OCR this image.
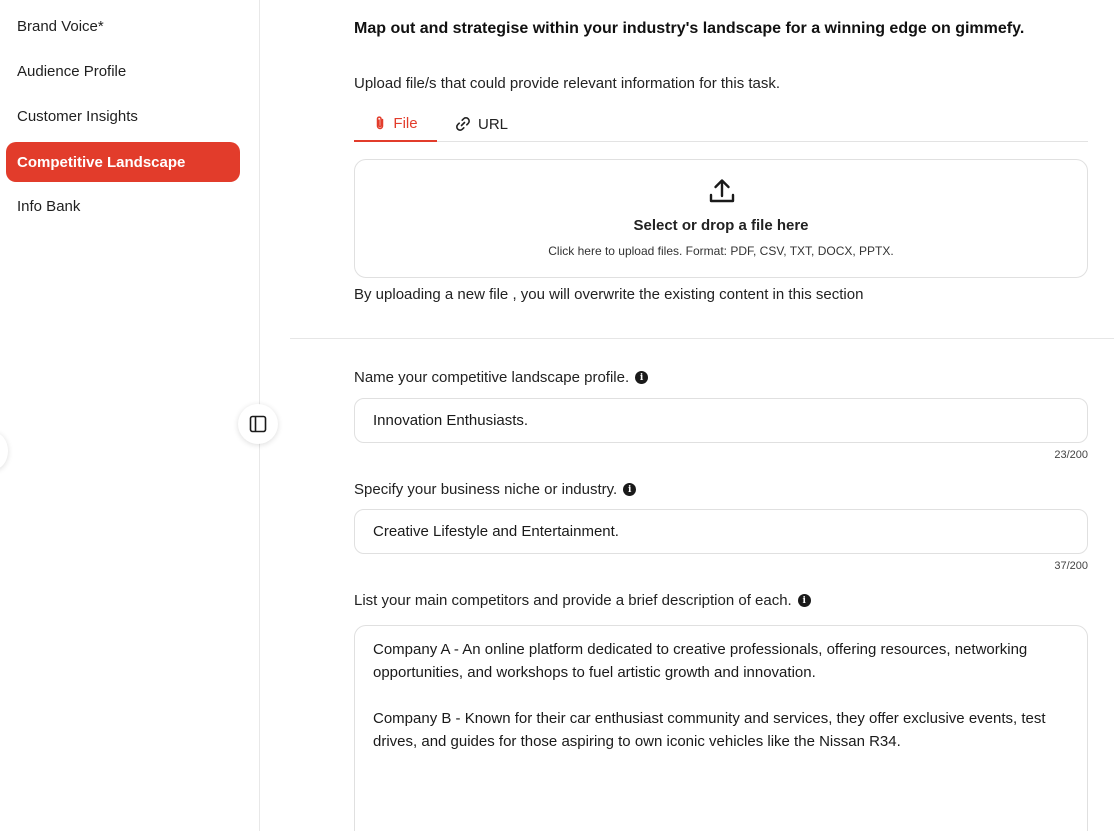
Brand Voice*
Audience Profile
Customer Insights
Competitive Landscape
Info Bank
Map out and strategise within your industry's landscape for a winning edge on gimmefy.
Upload file/s that could provide relevant information for this task.
File	URL
Select or drop a file here
Click here to upload files. Format: PDF, CSV, TXT, DOCX, PPTX.
By uploading a new file , you will overwrite the existing content in this section
Name your competitive landscape profile.	i
Innovation Enthusiasts.
23/200
Specify your business niche or industry.	i
Creative Lifestyle and Entertainment.
37/200
List your main competitors and provide a brief description of each.	i
Company A - An online platform dedicated to creative professionals, offering resources, networking opportunities, and workshops to fuel artistic growth and innovation. Company B - Known for their car enthusiast community and services, they offer exclusive events, test drives, and guides for those aspiring to own iconic vehicles like the Nissan R34.
